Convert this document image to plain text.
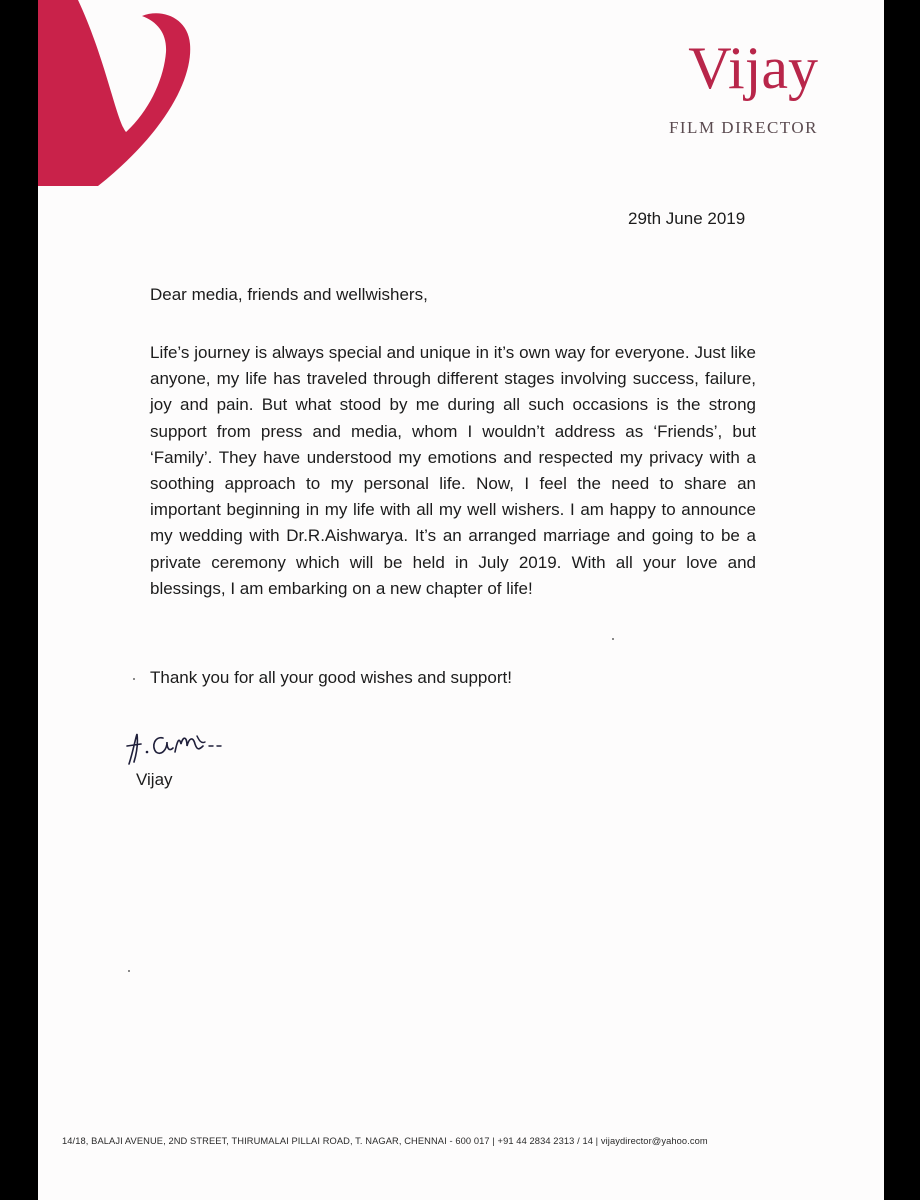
Vijay
FILM DIRECTOR
29th June 2019
Dear media, friends and wellwishers,
Life’s journey is always special and unique in it’s own way for everyone. Just like anyone, my life has traveled through different stages involving success, failure, joy and pain. But what stood by me during all such occasions is the strong support from press and media, whom I wouldn’t address as ‘Friends’, but ‘Family’. They have understood my emotions and respected my privacy with a soothing approach to my personal life. Now, I feel the need to share an important beginning in my life with all my well wishers. I am happy to announce my wedding with Dr.R.Aishwarya. It’s an arranged marriage and going to be a private ceremony which will be held in July 2019. With all your love and blessings, I am embarking on a new chapter of life!
Thank you for all your good wishes and support!
Vijay
14/18, BALAJI AVENUE, 2ND STREET, THIRUMALAI PILLAI ROAD, T. NAGAR, CHENNAI - 600 017 | +91 44 2834 2313 / 14 | vijaydirector@yahoo.com
